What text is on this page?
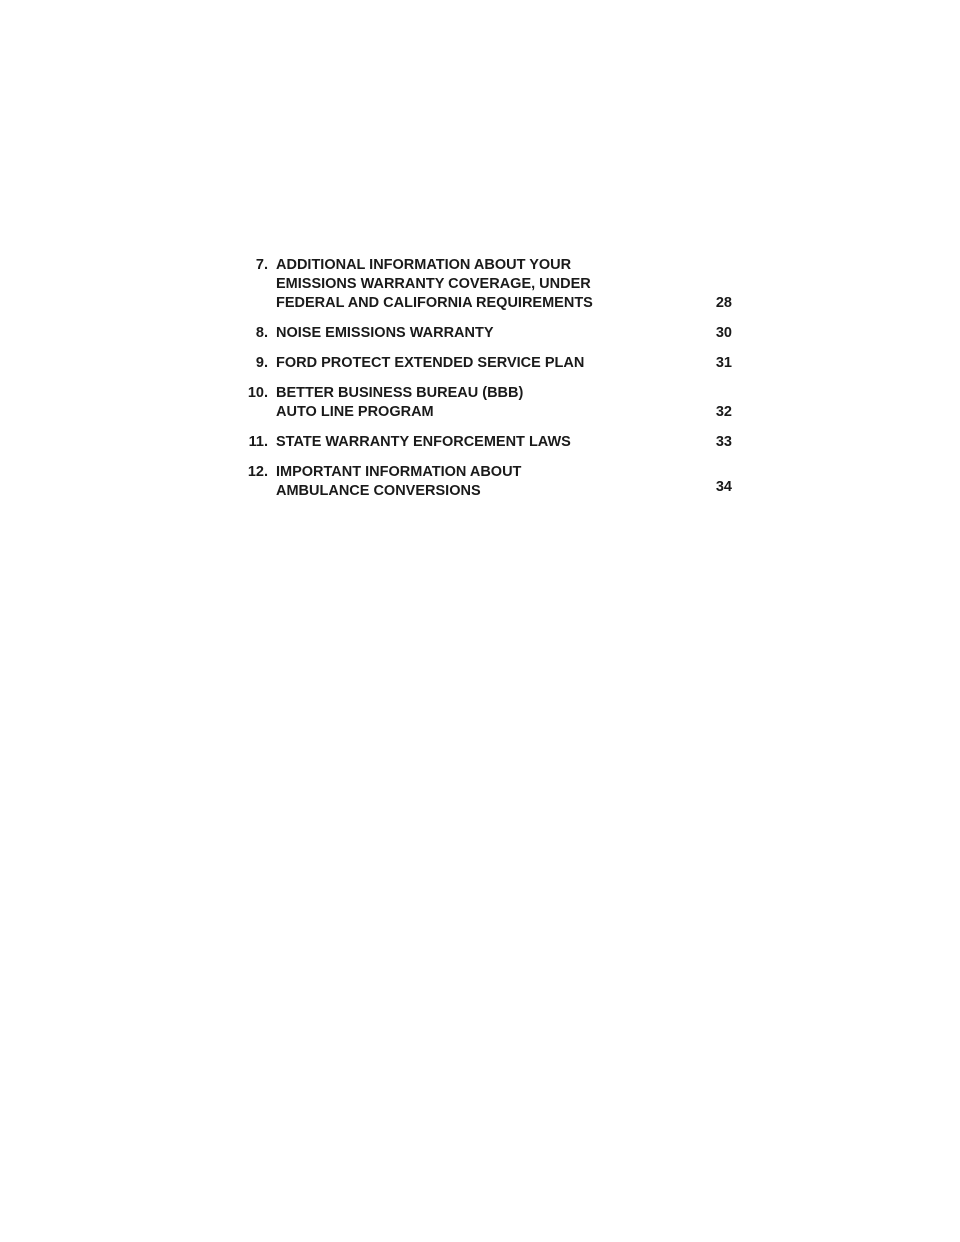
7. ADDITIONAL INFORMATION ABOUT YOUR
EMISSIONS WARRANTY COVERAGE, UNDER
FEDERAL AND CALIFORNIA REQUIREMENTS	28
8. NOISE EMISSIONS WARRANTY	30
9. FORD PROTECT EXTENDED SERVICE PLAN	31
10. BETTER BUSINESS BUREAU (BBB)
AUTO LINE PROGRAM	32
11. STATE WARRANTY ENFORCEMENT LAWS	33
12. IMPORTANT INFORMATION ABOUT
AMBULANCE CONVERSIONS	34
